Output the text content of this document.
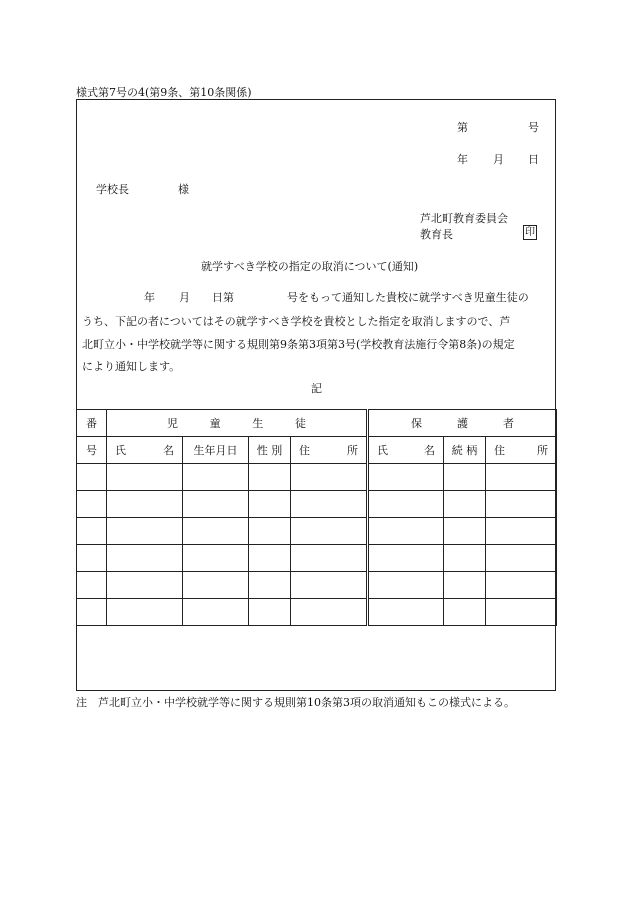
様式第7号の4(第9条、第10条関係)
第	号
年 月 日
学校長	様
芦北町教育委員会
教育長	印
就学すべき学校の指定の取消について(通知)
年 月 日第	号をもって通知した貴校に就学すべき児童生徒の
うち、下記の者についてはその就学すべき学校を貴校とした指定を取消しますので、芦
北町立小・中学校就学等に関する規則第9条第3項第3号(学校教育法施行令第8条)の規定
により通知します。
記
番	児 童 生 徒				保 護 者		

号	氏 名	生年月日	性 別	住 所	氏 名	続 柄	住 所

注　芦北町立小・中学校就学等に関する規則第10条第3項の取消通知もこの様式による。
